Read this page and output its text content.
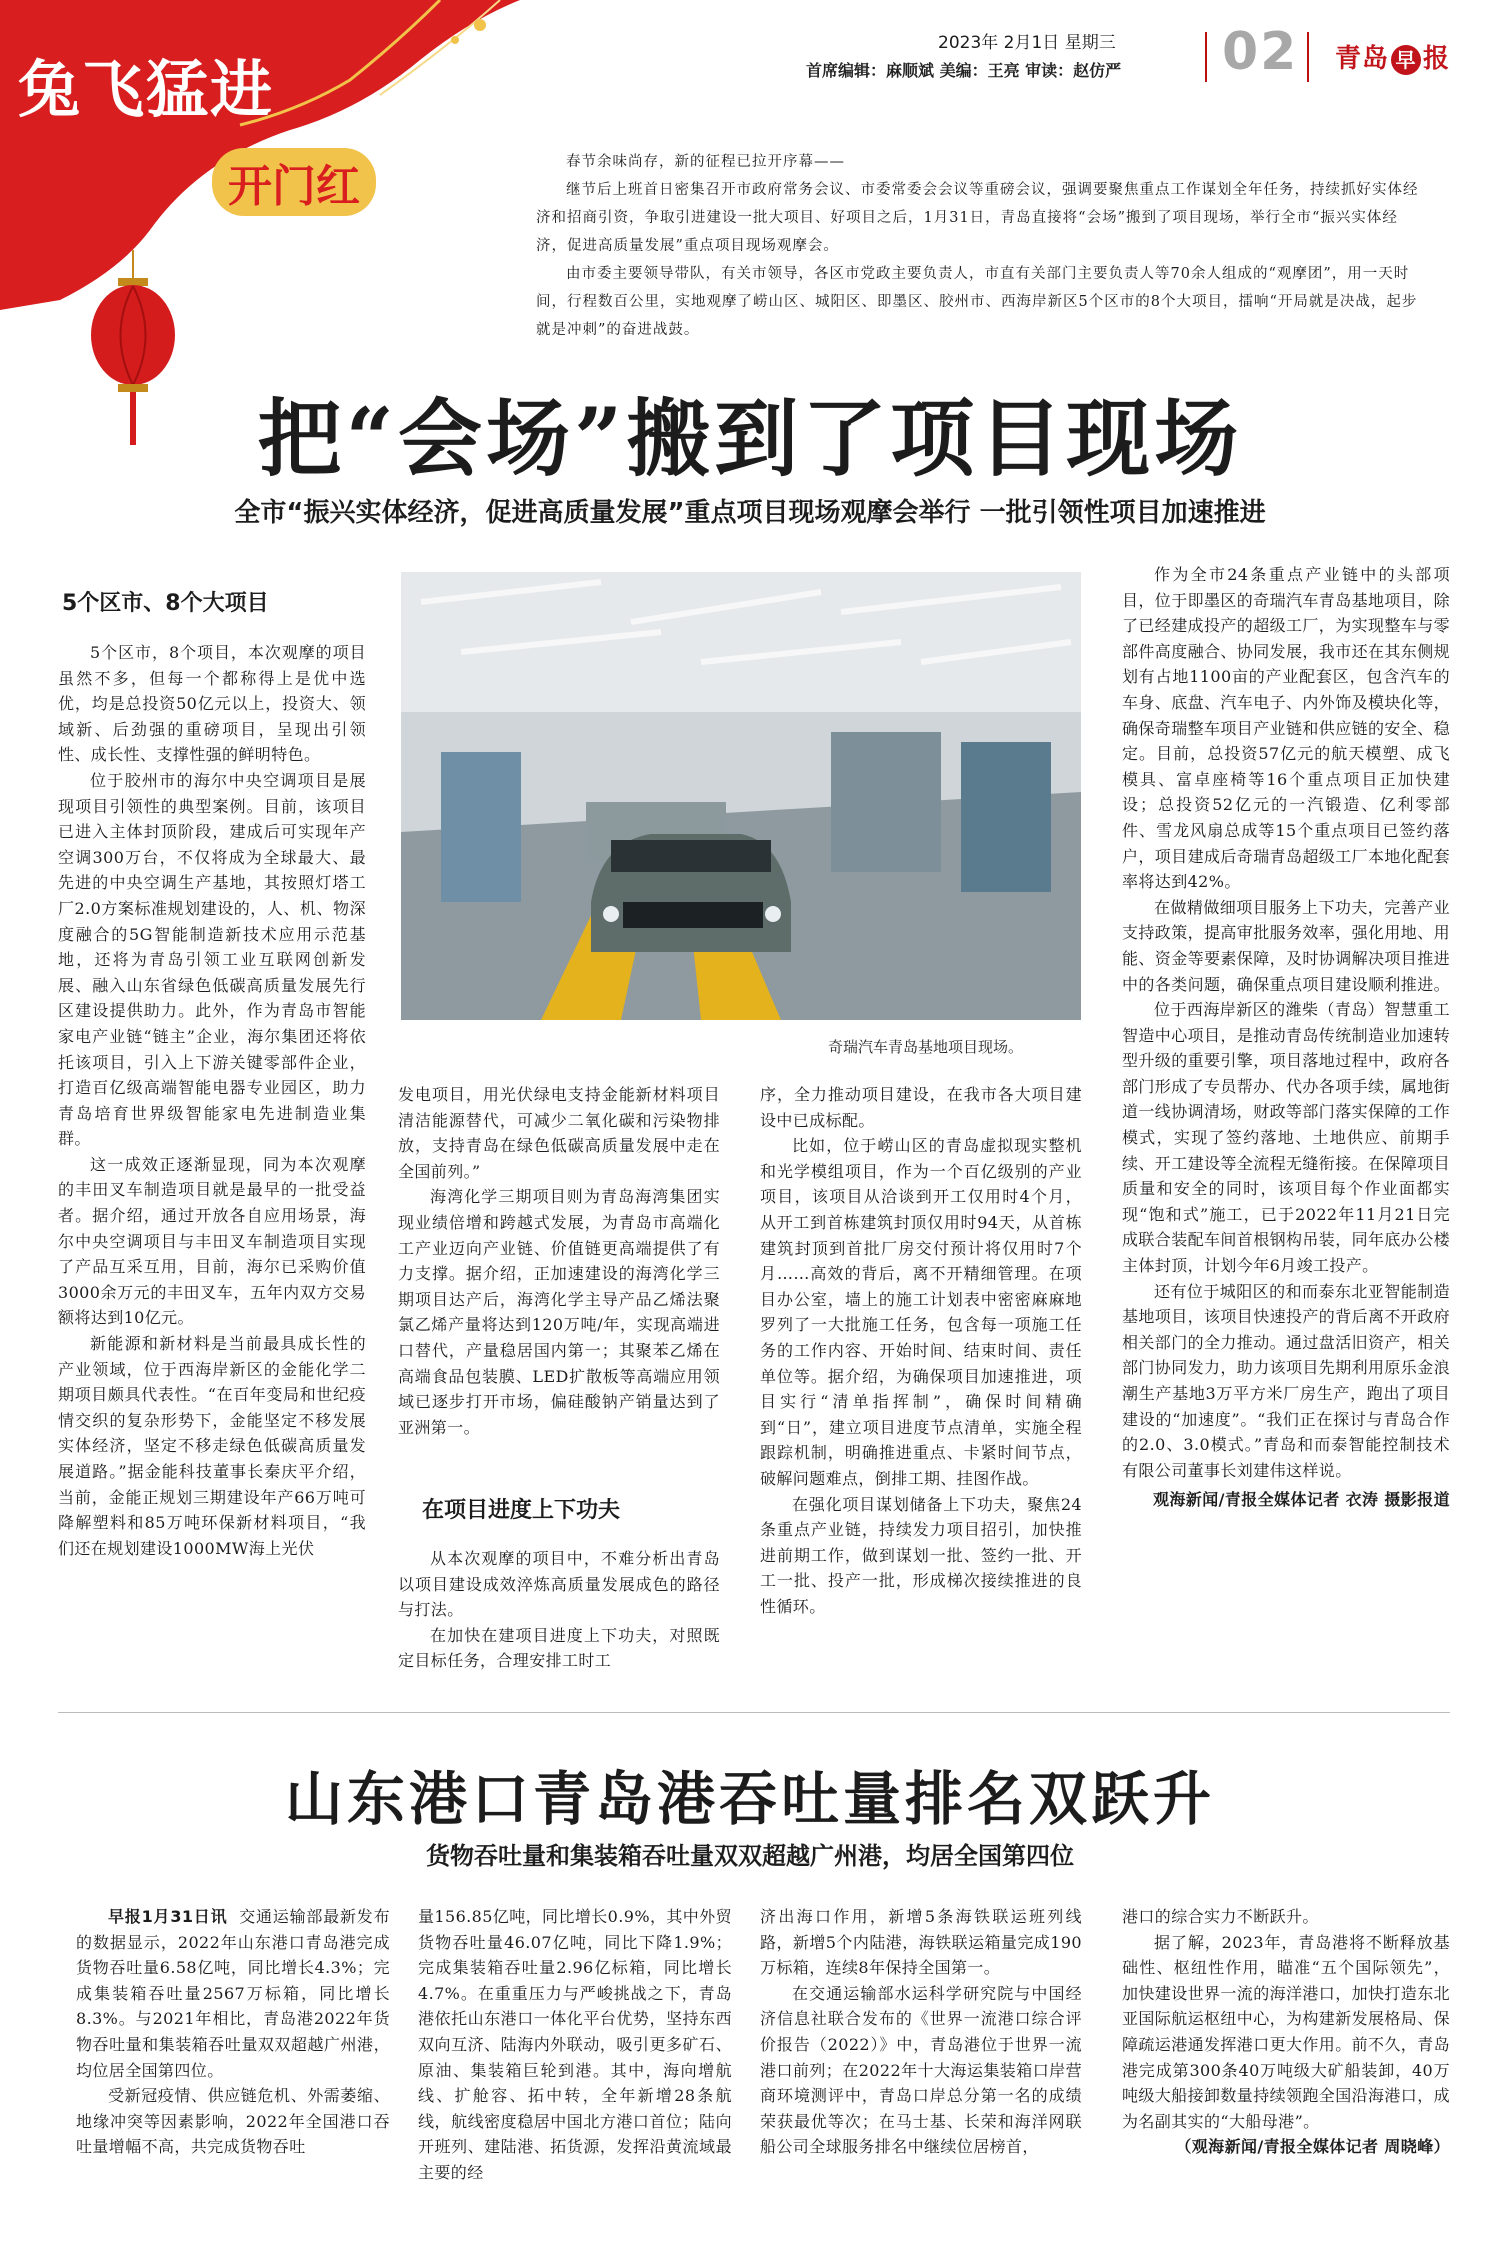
兔飞猛进
开门红
2023年 2月1日 星期三
首席编辑：麻顺斌 美编：王亮 审读：赵仿严 02 青岛 早 报

春节余味尚存，新的征程已拉开序幕——

继节后上班首日密集召开市政府常务会议、市委常委会会议等重磅会议，强调要聚焦重点工作谋划全年任务，持续抓好实体经济和招商引资，争取引进建设一批大项目、好项目之后，1月31日，青岛直接将“会场”搬到了项目现场，举行全市“振兴实体经济，促进高质量发展”重点项目现场观摩会。

由市委主要领导带队，有关市领导，各区市党政主要负责人，市直有关部门主要负责人等70余人组成的“观摩团”，用一天时间，行程数百公里，实地观摩了崂山区、城阳区、即墨区、胶州市、西海岸新区5个区市的8个大项目，擂响“开局就是决战，起步就是冲刺”的奋进战鼓。

把“会场”搬到了项目现场
全市“振兴实体经济，促进高质量发展”重点项目现场观摩会举行 一批引领性项目加速推进
5个区市、8个大项目

5个区市，8个项目，本次观摩的项目虽然不多，但每一个都称得上是优中选优，均是总投资50亿元以上，投资大、领域新、后劲强的重磅项目，呈现出引领性、成长性、支撑性强的鲜明特色。

位于胶州市的海尔中央空调项目是展现项目引领性的典型案例。目前，该项目已进入主体封顶阶段，建成后可实现年产空调300万台，不仅将成为全球最大、最先进的中央空调生产基地，其按照灯塔工厂2.0方案标准规划建设的，人、机、物深度融合的5G智能制造新技术应用示范基地，还将为青岛引领工业互联网创新发展、融入山东省绿色低碳高质量发展先行区建设提供助力。此外，作为青岛市智能家电产业链“链主”企业，海尔集团还将依托该项目，引入上下游关键零部件企业，打造百亿级高端智能电器专业园区，助力青岛培育世界级智能家电先进制造业集群。

这一成效正逐渐显现，同为本次观摩的丰田叉车制造项目就是最早的一批受益者。据介绍，通过开放各自应用场景，海尔中央空调项目与丰田叉车制造项目实现了产品互采互用，目前，海尔已采购价值3000余万元的丰田叉车，五年内双方交易额将达到10亿元。

新能源和新材料是当前最具成长性的产业领域，位于西海岸新区的金能化学二期项目颇具代表性。“在百年变局和世纪疫情交织的复杂形势下，金能坚定不移发展实体经济，坚定不移走绿色低碳高质量发展道路。”据金能科技董事长秦庆平介绍，当前，金能正规划三期建设年产66万吨可降解塑料和85万吨环保新材料项目，“我们还在规划建设1000MW海上光伏

奇瑞汽车青岛基地项目现场。

发电项目，用光伏绿电支持金能新材料项目清洁能源替代，可减少二氧化碳和污染物排放，支持青岛在绿色低碳高质量发展中走在全国前列。”

海湾化学三期项目则为青岛海湾集团实现业绩倍增和跨越式发展，为青岛市高端化工产业迈向产业链、价值链更高端提供了有力支撑。据介绍，正加速建设的海湾化学三期项目达产后，海湾化学主导产品乙烯法聚氯乙烯产量将达到120万吨/年，实现高端进口替代，产量稳居国内第一；其聚苯乙烯在高端食品包装膜、LED扩散板等高端应用领域已逐步打开市场，偏硅酸钠产销量达到了亚洲第一。

在项目进度上下功夫

从本次观摩的项目中，不难分析出青岛以项目建设成效淬炼高质量发展成色的路径与打法。

在加快在建项目进度上下功夫，对照既定目标任务，合理安排工时工

序，全力推动项目建设，在我市各大项目建设中已成标配。

比如，位于崂山区的青岛虚拟现实整机和光学模组项目，作为一个百亿级别的产业项目，该项目从洽谈到开工仅用时4个月，从开工到首栋建筑封顶仅用时94天，从首栋建筑封顶到首批厂房交付预计将仅用时7个月……高效的背后，离不开精细管理。在项目办公室，墙上的施工计划表中密密麻麻地罗列了一大批施工任务，包含每一项施工任务的工作内容、开始时间、结束时间、责任单位等。据介绍，为确保项目加速推进，项目实行“清单指挥制”，确保时间精确到“日”，建立项目进度节点清单，实施全程跟踪机制，明确推进重点、卡紧时间节点，破解问题难点，倒排工期、挂图作战。

在强化项目谋划储备上下功夫，聚焦24条重点产业链，持续发力项目招引，加快推进前期工作，做到谋划一批、签约一批、开工一批、投产一批，形成梯次接续推进的良性循环。

作为全市24条重点产业链中的头部项目，位于即墨区的奇瑞汽车青岛基地项目，除了已经建成投产的超级工厂，为实现整车与零部件高度融合、协同发展，我市还在其东侧规划有占地1100亩的产业配套区，包含汽车的车身、底盘、汽车电子、内外饰及模块化等，确保奇瑞整车项目产业链和供应链的安全、稳定。目前，总投资57亿元的航天模塑、成飞模具、富卓座椅等16个重点项目正加快建设；总投资52亿元的一汽锻造、亿利零部件、雪龙风扇总成等15个重点项目已签约落户，项目建成后奇瑞青岛超级工厂本地化配套率将达到42%。

在做精做细项目服务上下功夫，完善产业支持政策，提高审批服务效率，强化用地、用能、资金等要素保障，及时协调解决项目推进中的各类问题，确保重点项目建设顺利推进。

位于西海岸新区的潍柴（青岛）智慧重工智造中心项目，是推动青岛传统制造业加速转型升级的重要引擎，项目落地过程中，政府各部门形成了专员帮办、代办各项手续，属地街道一线协调清场，财政等部门落实保障的工作模式，实现了签约落地、土地供应、前期手续、开工建设等全流程无缝衔接。在保障项目质量和安全的同时，该项目每个作业面都实现“饱和式”施工，已于2022年11月21日完成联合装配车间首根钢构吊装，同年底办公楼主体封顶，计划今年6月竣工投产。

还有位于城阳区的和而泰东北亚智能制造基地项目，该项目快速投产的背后离不开政府相关部门的全力推动。通过盘活旧资产，相关部门协同发力，助力该项目先期利用原乐金浪潮生产基地3万平方米厂房生产，跑出了项目建设的“加速度”。“我们正在探讨与青岛合作的2.0、3.0模式。”青岛和而泰智能控制技术有限公司董事长刘建伟这样说。

观海新闻/青报全媒体记者 衣涛 摄影报道
山东港口青岛港吞吐量排名双跃升
货物吞吐量和集装箱吞吐量双双超越广州港，均居全国第四位

早报1月31日讯 交通运输部最新发布的数据显示，2022年山东港口青岛港完成货物吞吐量6.58亿吨，同比增长4.3%；完成集装箱吞吐量2567万标箱，同比增长8.3%。与2021年相比，青岛港2022年货物吞吐量和集装箱吞吐量双双超越广州港，均位居全国第四位。

受新冠疫情、供应链危机、外需萎缩、地缘冲突等因素影响，2022年全国港口吞吐量增幅不高，共完成货物吞吐

量156.85亿吨，同比增长0.9%，其中外贸货物吞吐量46.07亿吨，同比下降1.9%；完成集装箱吞吐量2.96亿标箱，同比增长4.7%。在重重压力与严峻挑战之下，青岛港依托山东港口一体化平台优势，坚持东西双向互济、陆海内外联动，吸引更多矿石、原油、集装箱巨轮到港。其中，海向增航线、扩舱容、拓中转，全年新增28条航线，航线密度稳居中国北方港口首位；陆向开班列、建陆港、拓货源，发挥沿黄流域最主要的经

济出海口作用，新增5条海铁联运班列线路，新增5个内陆港，海铁联运箱量完成190万标箱，连续8年保持全国第一。

在交通运输部水运科学研究院与中国经济信息社联合发布的《世界一流港口综合评价报告（2022）》中，青岛港位于世界一流港口前列；在2022年十大海运集装箱口岸营商环境测评中，青岛口岸总分第一名的成绩荣获最优等次；在马士基、长荣和海洋网联船公司全球服务排名中继续位居榜首，

港口的综合实力不断跃升。

据了解，2023年，青岛港将不断释放基础性、枢纽性作用，瞄准“五个国际领先”，加快建设世界一流的海洋港口，加快打造东北亚国际航运枢纽中心，为构建新发展格局、保障疏运港通发挥港口更大作用。前不久，青岛港完成第300条40万吨级大矿船装卸，40万吨级大船接卸数量持续领跑全国沿海港口，成为名副其实的“大船母港”。

（观海新闻/青报全媒体记者 周晓峰）
